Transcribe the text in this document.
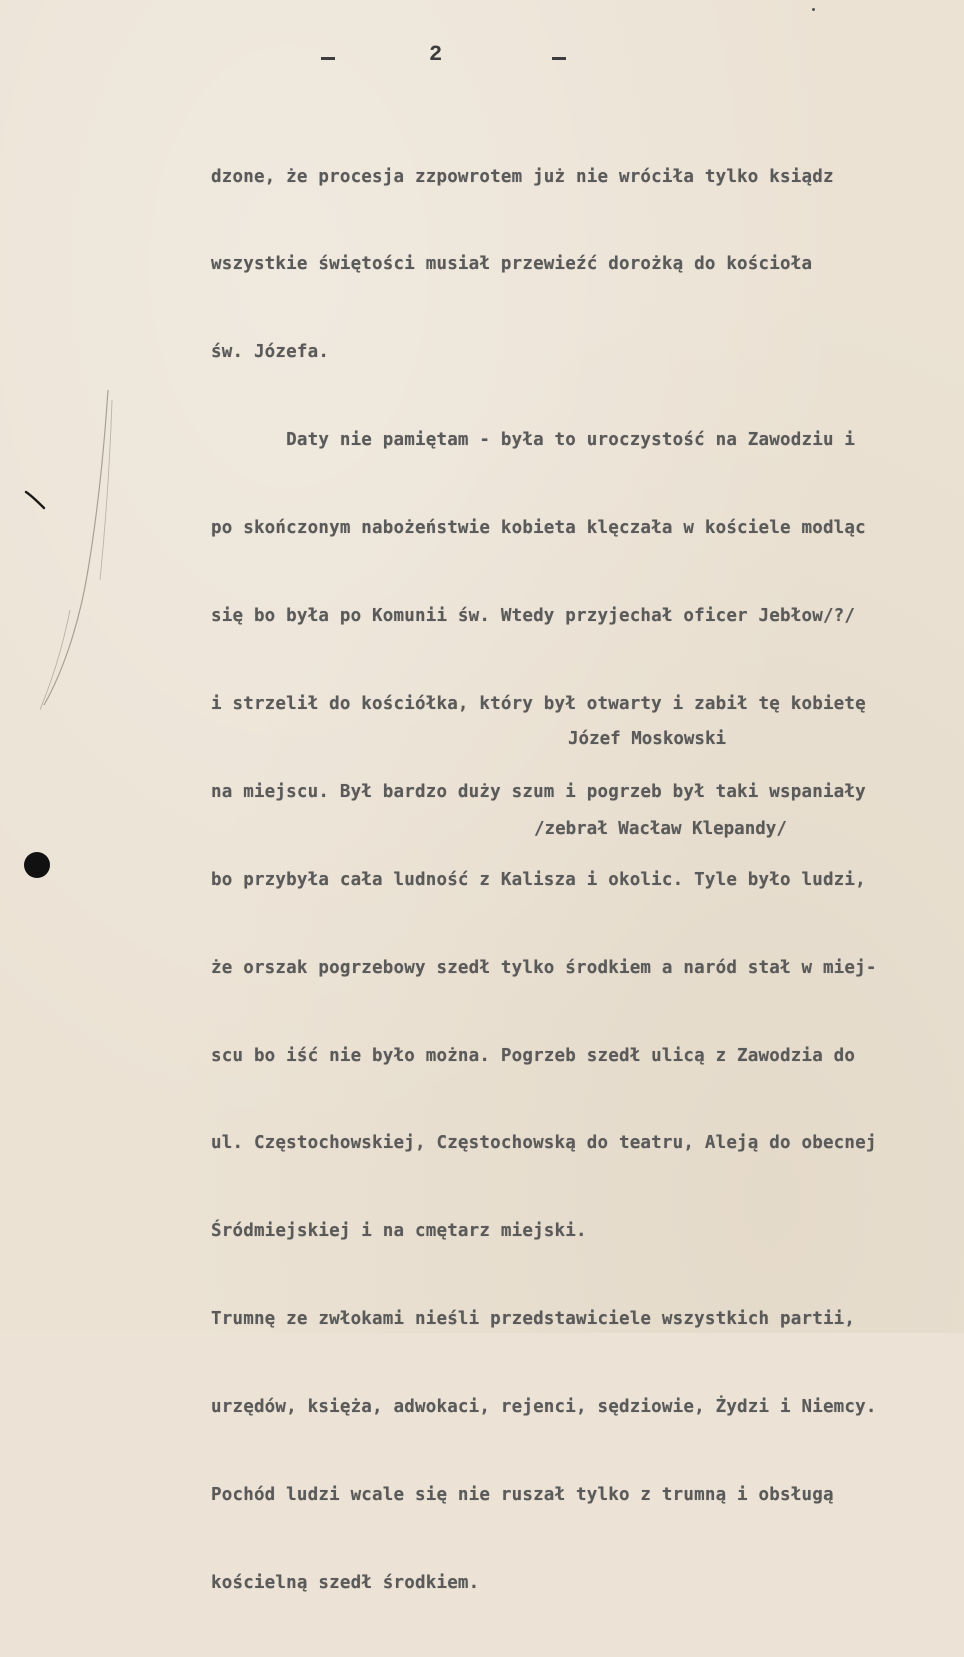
2

dzone, że procesja zzpowrotem już nie wróciła tylko ksiądz

wszystkie świętości musiał przewieźć dorożką do kościoła

św. Józefa.

Daty nie pamiętam - była to uroczystość na Zawodziu i

po skończonym nabożeństwie kobieta klęczała w kościele modląc

się bo była po Komunii św. Wtedy przyjechał oficer Jebłow/?/

i strzelił do kościółka, który był otwarty i zabił tę kobietę

na miejscu. Był bardzo duży szum i pogrzeb był taki wspaniały

bo przybyła cała ludność z Kalisza i okolic. Tyle było ludzi,

że orszak pogrzebowy szedł tylko środkiem a naród stał w miej-

scu bo iść nie było można. Pogrzeb szedł ulicą z Zawodzia do

ul. Częstochowskiej, Częstochowską do teatru, Aleją do obecnej

Śródmiejskiej i na cmętarz miejski.

Trumnę ze zwłokami nieśli przedstawiciele wszystkich partii,

urzędów, księża, adwokaci, rejenci, sędziowie, Żydzi i Niemcy.

Pochód ludzi wcale się nie ruszał tylko z trumną i obsługą

kościelną szedł środkiem.

Józef Moskowski

/zebrał Wacław Klepandy/
